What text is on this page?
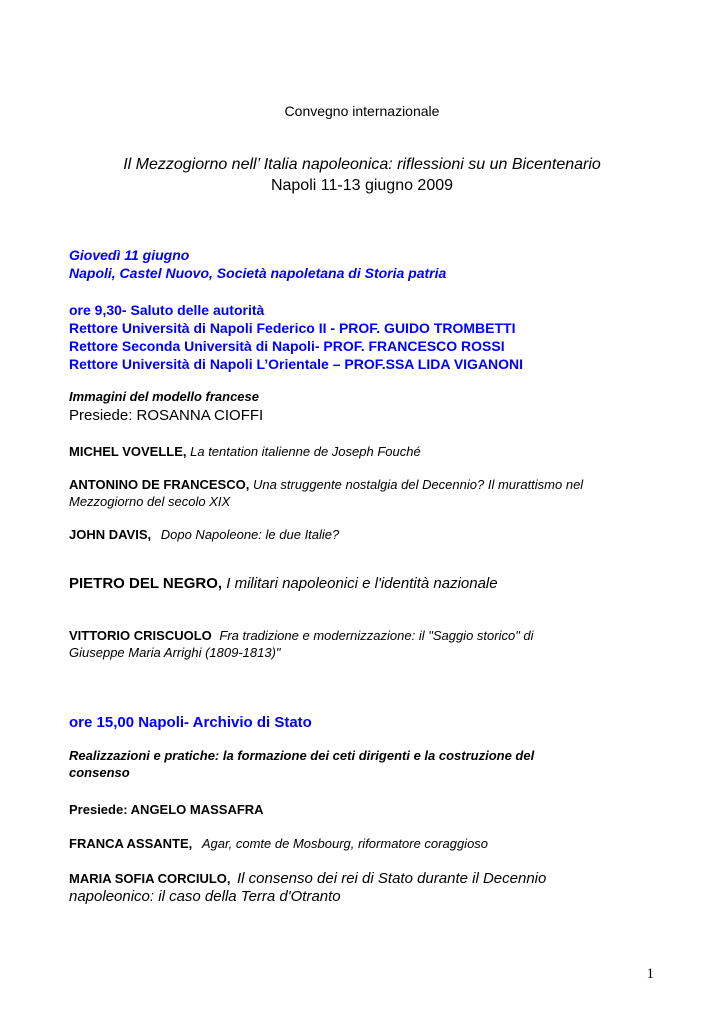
Convegno internazionale
Il Mezzogiorno nell’ Italia napoleonica: riflessioni su un Bicentenario
Napoli 11-13 giugno 2009
Giovedì 11 giugno
Napoli, Castel Nuovo, Società napoletana di Storia patria
ore 9,30- Saluto delle autorità
Rettore Università di Napoli Federico II - PROF. GUIDO TROMBETTI
Rettore Seconda Università di Napoli- PROF. FRANCESCO ROSSI
Rettore Università di Napoli L’Orientale – PROF.SSA LIDA VIGANONI
Immagini del modello francese
Presiede: ROSANNA CIOFFI
MICHEL VOVELLE, La tentation italienne de Joseph Fouché
ANTONINO DE FRANCESCO, Una struggente nostalgia del Decennio? Il murattismo nel
Mezzogiorno del secolo XIX
JOHN DAVIS, Dopo Napoleone: le due Italie?
PIETRO DEL NEGRO, I militari napoleonici e l'identità nazionale
VITTORIO CRISCUOLO Fra tradizione e modernizzazione: il "Saggio storico" di
Giuseppe Maria Arrighi (1809-1813)"
ore 15,00 Napoli- Archivio di Stato
Realizzazioni e pratiche: la formazione dei ceti dirigenti e la costruzione del
consenso
Presiede: ANGELO MASSAFRA
FRANCA ASSANTE, Agar, comte de Mosbourg, riformatore coraggioso
MARIA SOFIA CORCIULO, Il consenso dei rei di Stato durante il Decennio
napoleonico: il caso della Terra d'Otranto
1
